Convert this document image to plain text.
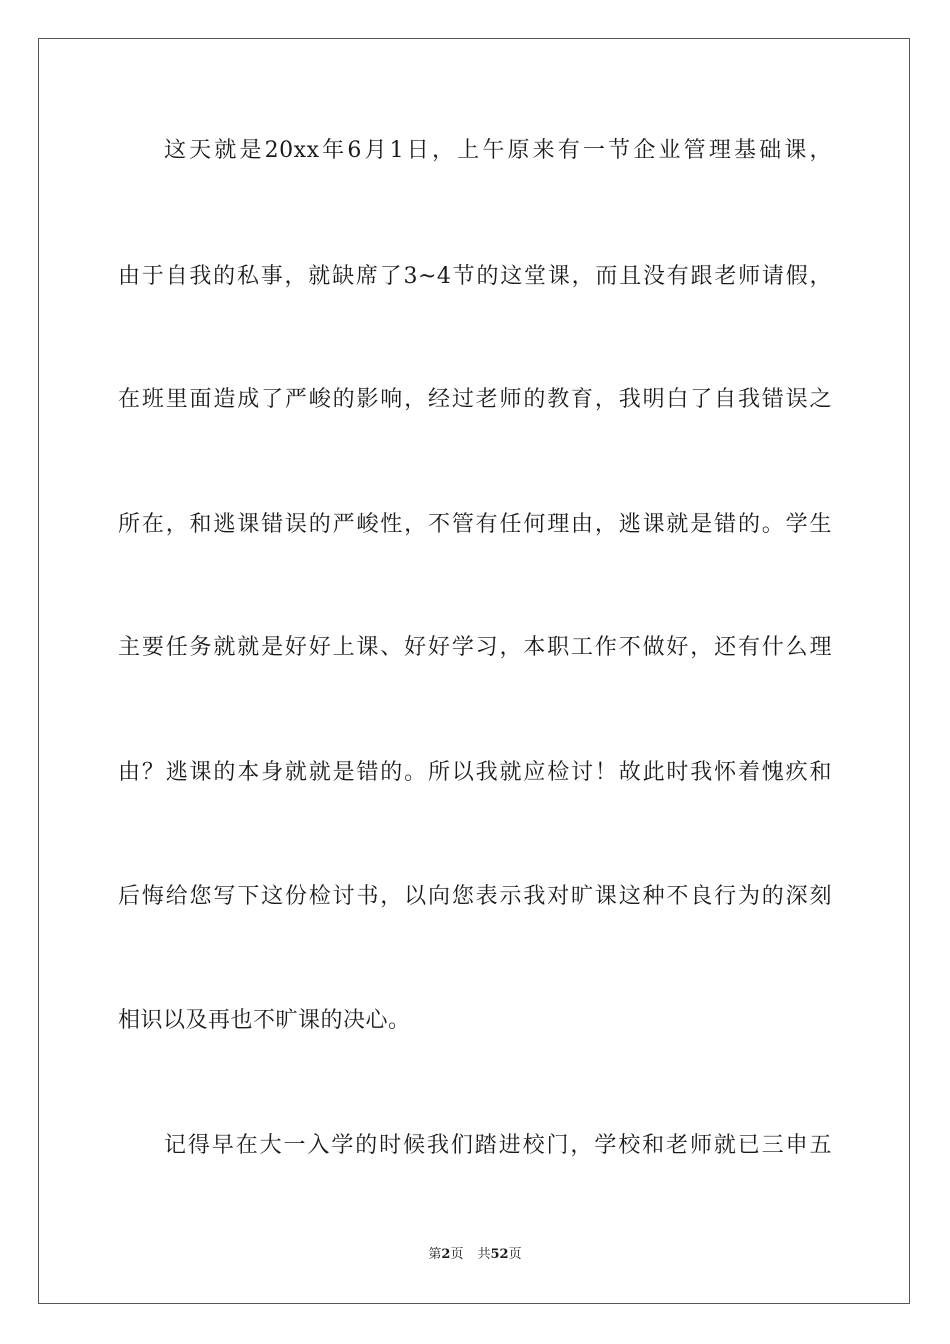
这天就是20xx年6月1日，上午原来有一节企业管理基础课，
由于自我的私事，就缺席了3~4节的这堂课，而且没有跟老师请假，
在班里面造成了严峻的影响，经过老师的教育，我明白了自我错误之
所在，和逃课错误的严峻性，不管有任何理由，逃课就是错的。学生
主要任务就就是好好上课、好好学习，本职工作不做好，还有什么理
由？逃课的本身就就是错的。所以我就应检讨！故此时我怀着愧疚和
后悔给您写下这份检讨书，以向您表示我对旷课这种不良行为的深刻
相识以及再也不旷课的决心。
记得早在大一入学的时候我们踏进校门，学校和老师就已三申五
第2页 共52页
